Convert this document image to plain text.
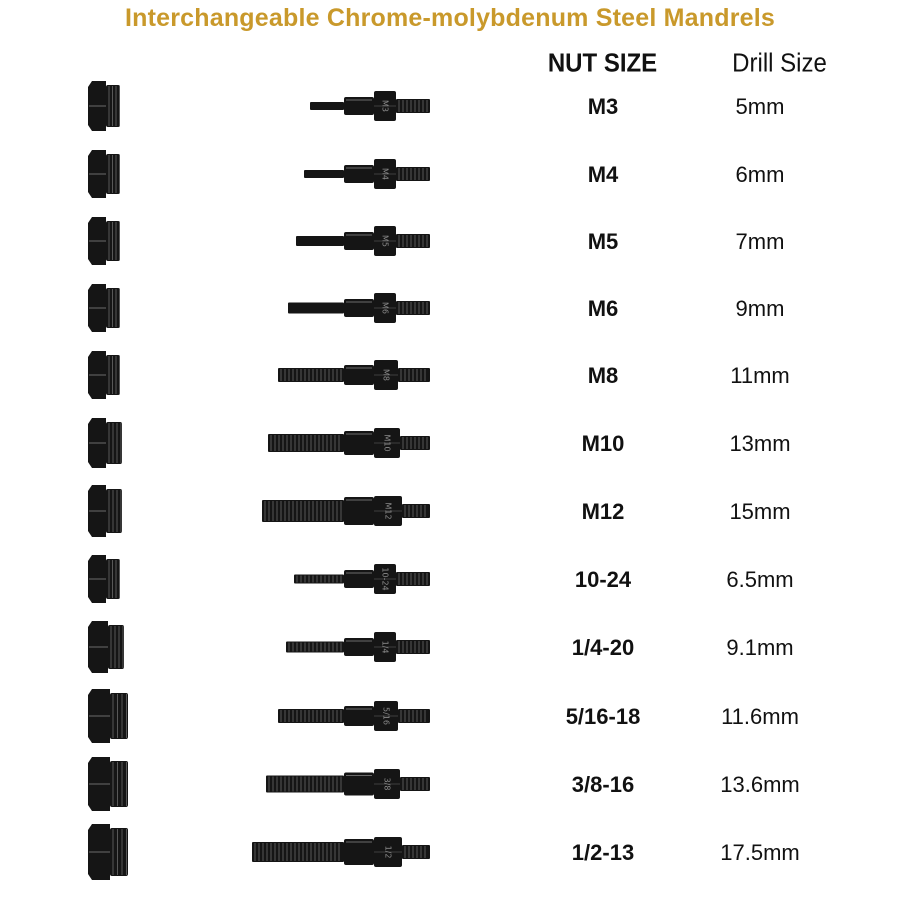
Interchangeable Chrome-molybdenum Steel Mandrels
NUT SIZE	Drill Size
M3	M3	5mm
M4	M4	6mm
M5	M5	7mm
M6	M6	9mm
M8	M8	11mm
M10	M10	13mm
M12	M12	15mm
10-24	10-24	6.5mm
1/4	1/4-20	9.1mm
5/16	5/16-18	11.6mm
3/8	3/8-16	13.6mm
1/2	1/2-13	17.5mm
